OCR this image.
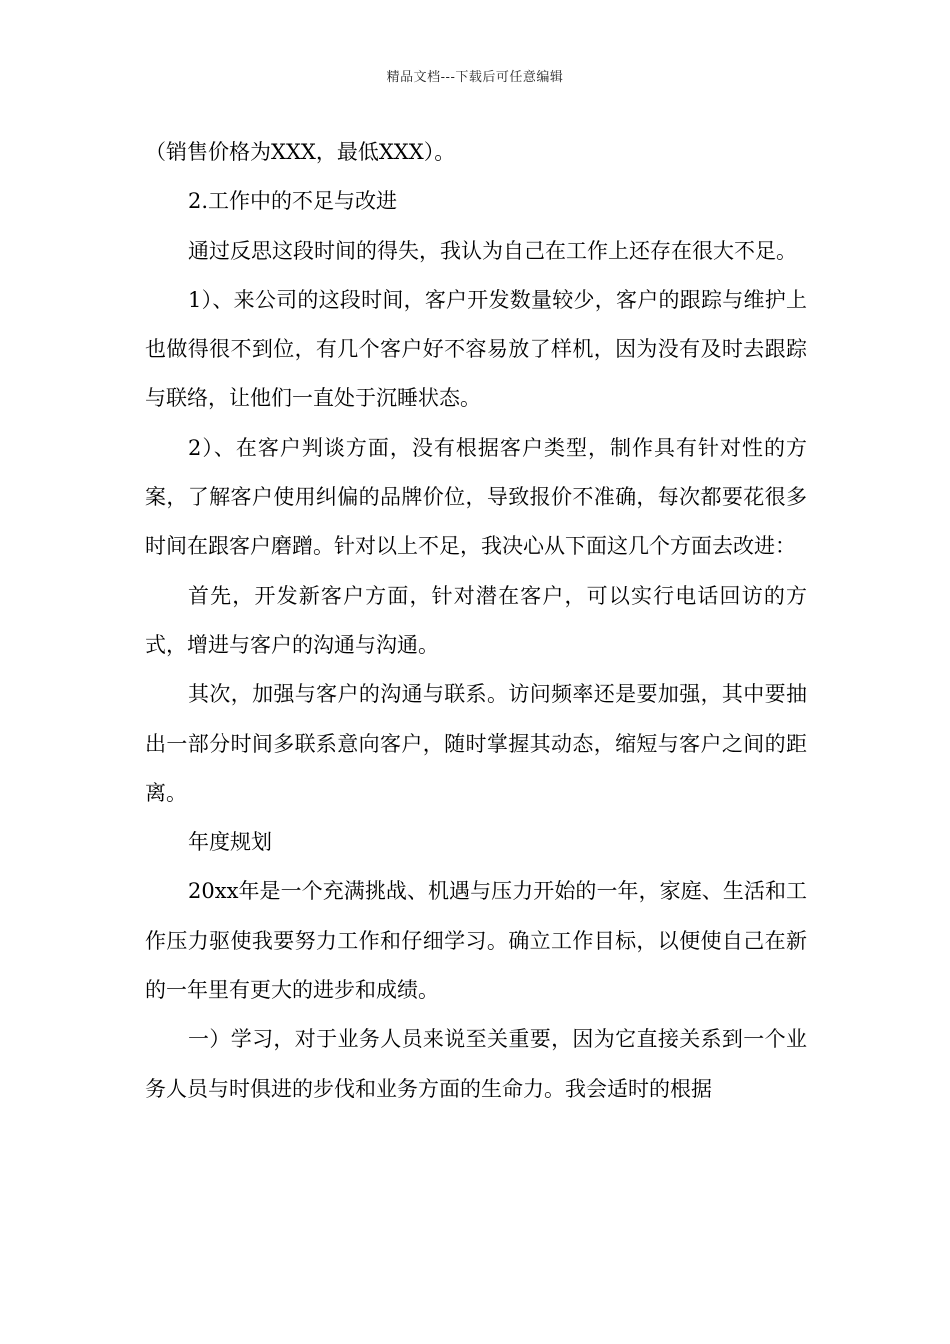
精品文档---下载后可任意编辑

（销售价格为XXX，最低XXX）。

2.工作中的不足与改进

通过反思这段时间的得失，我认为自己在工作上还存在很大不足。

1）、来公司的这段时间，客户开发数量较少，客户的跟踪与维护上也做得很不到位，有几个客户好不容易放了样机，因为没有及时去跟踪与联络，让他们一直处于沉睡状态。

2）、在客户判谈方面，没有根据客户类型，制作具有针对性的方案，了解客户使用纠偏的品牌价位，导致报价不准确，每次都要花很多时间在跟客户磨蹭。针对以上不足，我决心从下面这几个方面去改进：

首先，开发新客户方面，针对潜在客户，可以实行电话回访的方式，增进与客户的沟通与沟通。

其次，加强与客户的沟通与联系。访问频率还是要加强，其中要抽出一部分时间多联系意向客户，随时掌握其动态，缩短与客户之间的距离。

年度规划

20xx年是一个充满挑战、机遇与压力开始的一年，家庭、生活和工作压力驱使我要努力工作和仔细学习。确立工作目标，以便使自己在新的一年里有更大的进步和成绩。

一）学习，对于业务人员来说至关重要，因为它直接关系到一个业务人员与时俱进的步伐和业务方面的生命力。我会适时的根据
